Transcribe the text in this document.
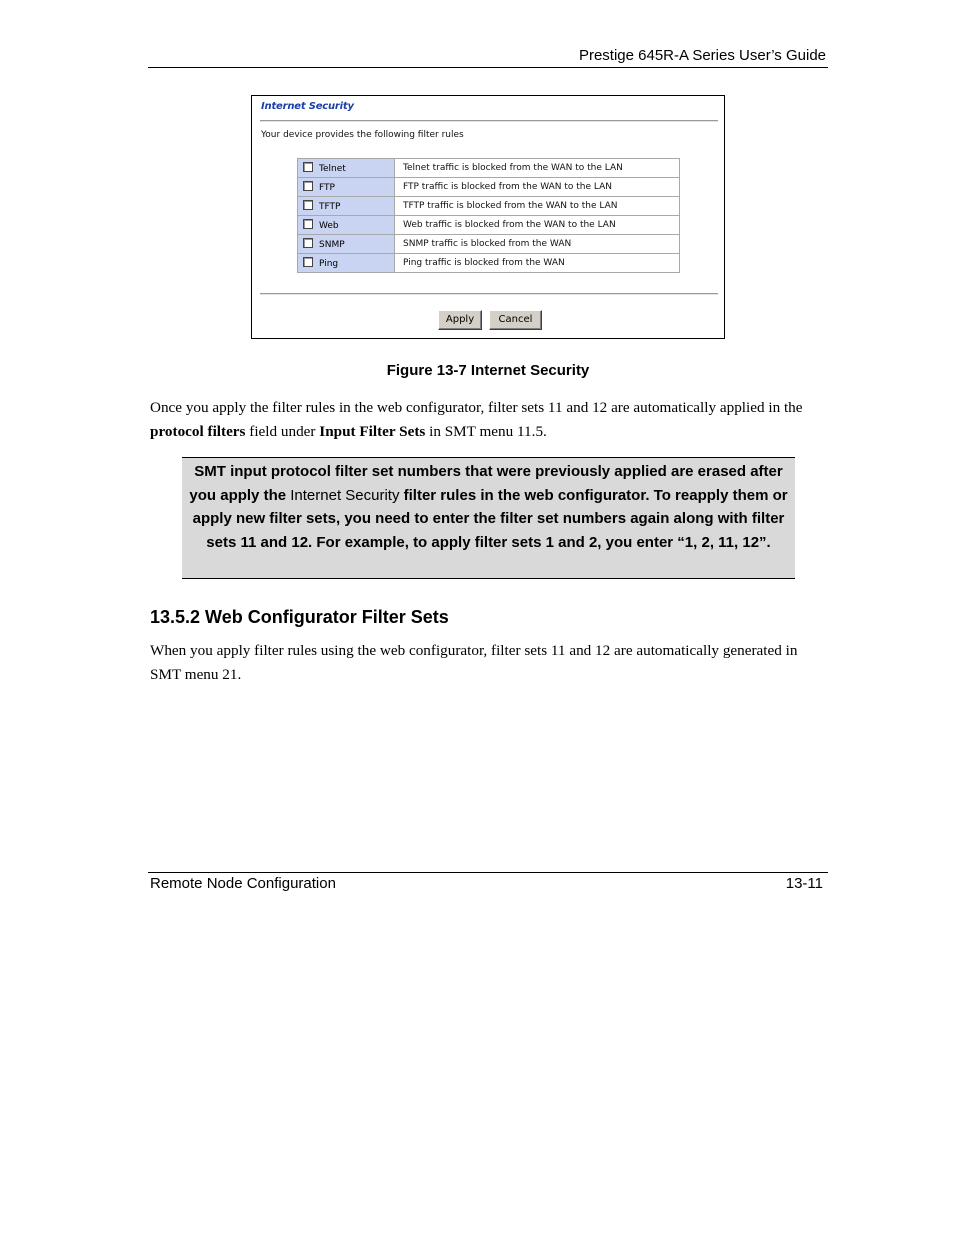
Prestige 645R-A Series User’s Guide
Internet Security
Your device provides the following filter rules
Telnet	Telnet traffic is blocked from the WAN to the LAN
FTP	FTP traffic is blocked from the WAN to the LAN
TFTP	TFTP traffic is blocked from the WAN to the LAN
Web	Web traffic is blocked from the WAN to the LAN
SNMP	SNMP traffic is blocked from the WAN
Ping	Ping traffic is blocked from the WAN
Apply	Cancel
Figure 13-7 Internet Security
Once you apply the filter rules in the web configurator, filter sets 11 and 12 are automatically applied in the protocol filters field under Input Filter Sets in SMT menu 11.5.
SMT input protocol filter set numbers that were previously applied are erased after you apply the Internet Security filter rules in the web configurator. To reapply them or apply new filter sets, you need to enter the filter set numbers again along with filter sets 11 and 12. For example, to apply filter sets 1 and 2, you enter “1, 2, 11, 12”.
13.5.2 Web Configurator Filter Sets
When you apply filter rules using the web configurator, filter sets 11 and 12 are automatically generated in SMT menu 21.
Remote Node Configuration	13-11
